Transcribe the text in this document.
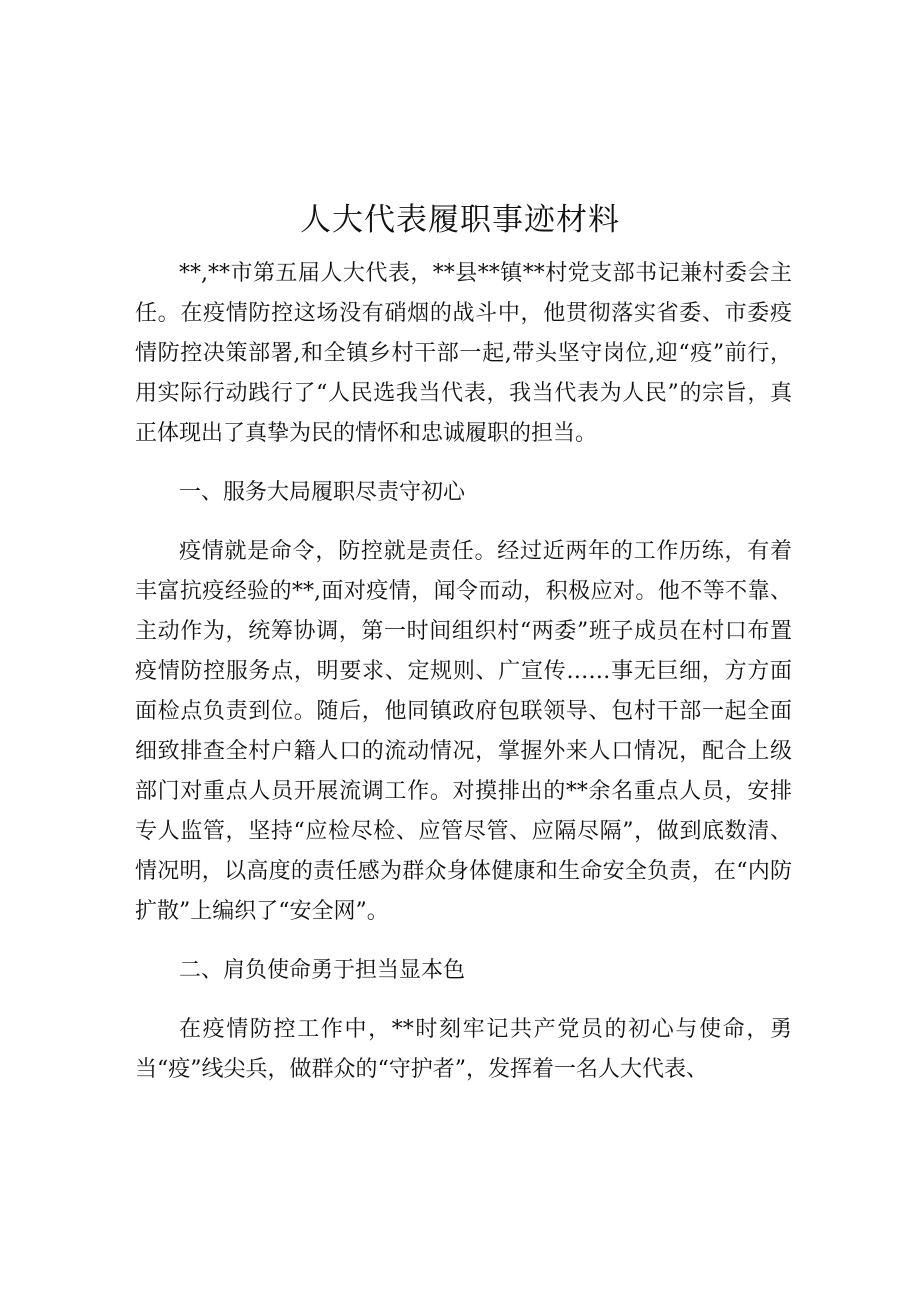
人大代表履职事迹材料

**,**市第五届人大代表，**县**镇**村党支部书记兼村委会主任。在疫情防控这场没有硝烟的战斗中，他贯彻落实省委、市委疫情防控决策部署,和全镇乡村干部一起,带头坚守岗位,迎“疫”前行，用实际行动践行了“人民选我当代表，我当代表为人民”的宗旨，真正体现出了真挚为民的情怀和忠诚履职的担当。

一、服务大局履职尽责守初心

疫情就是命令，防控就是责任。经过近两年的工作历练，有着丰富抗疫经验的**,面对疫情，闻令而动，积极应对。他不等不靠、主动作为，统筹协调，第一时间组织村“两委”班子成员在村口布置疫情防控服务点，明要求、定规则、广宣传……事无巨细，方方面面检点负责到位。随后，他同镇政府包联领导、包村干部一起全面细致排查全村户籍人口的流动情况，掌握外来人口情况，配合上级部门对重点人员开展流调工作。对摸排出的**余名重点人员，安排专人监管，坚持“应检尽检、应管尽管、应隔尽隔”，做到底数清、情况明，以高度的责任感为群众身体健康和生命安全负责，在“内防扩散”上编织了“安全网”。

二、肩负使命勇于担当显本色

在疫情防控工作中，**时刻牢记共产党员的初心与使命，勇当“疫”线尖兵，做群众的“守护者”，发挥着一名人大代表、
